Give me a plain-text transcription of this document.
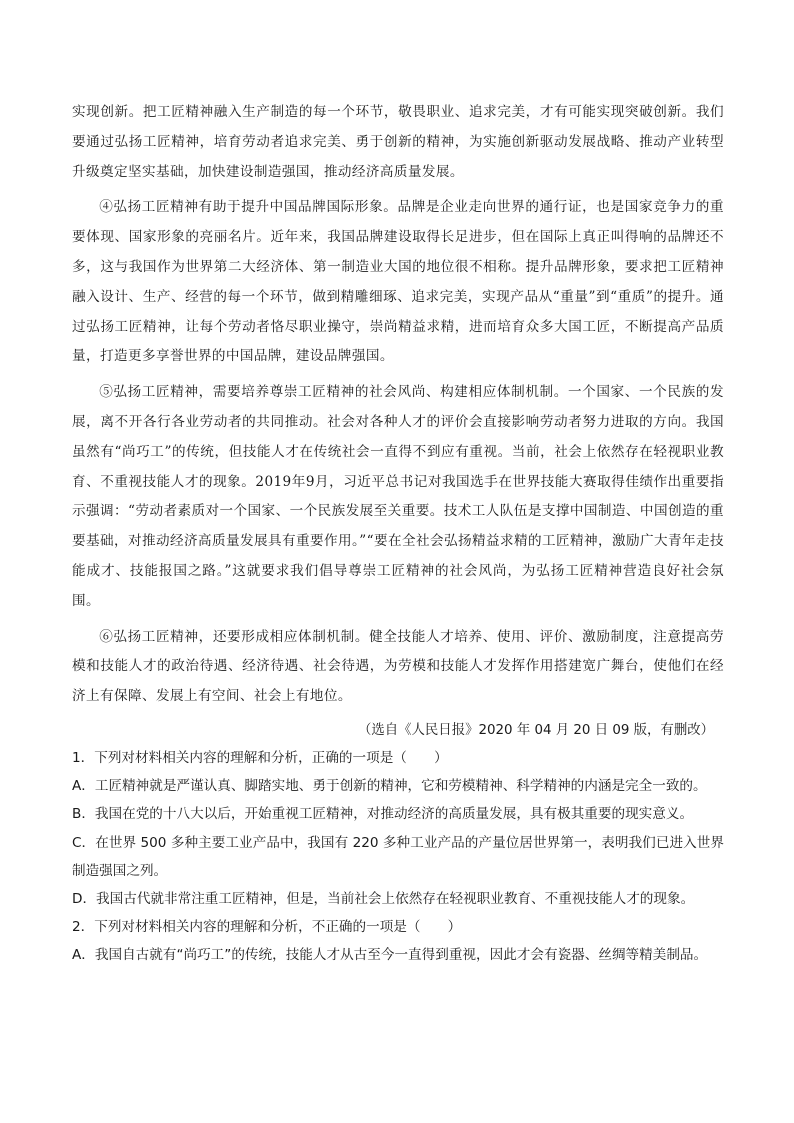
实现创新。把工匠精神融入生产制造的每一个环节，敬畏职业、追求完美，才有可能实现突破创新。我们要通过弘扬工匠精神，培育劳动者追求完美、勇于创新的精神，为实施创新驱动发展战略、推动产业转型升级奠定坚实基础，加快建设制造强国，推动经济高质量发展。

④弘扬工匠精神有助于提升中国品牌国际形象。品牌是企业走向世界的通行证，也是国家竞争力的重要体现、国家形象的亮丽名片。近年来，我国品牌建设取得长足进步，但在国际上真正叫得响的品牌还不多，这与我国作为世界第二大经济体、第一制造业大国的地位很不相称。提升品牌形象，要求把工匠精神融入设计、生产、经营的每一个环节，做到精雕细琢、追求完美，实现产品从“重量”到“重质”的提升。通过弘扬工匠精神，让每个劳动者恪尽职业操守，崇尚精益求精，进而培育众多大国工匠，不断提高产品质量，打造更多享誉世界的中国品牌，建设品牌强国。

⑤弘扬工匠精神，需要培养尊崇工匠精神的社会风尚、构建相应体制机制。一个国家、一个民族的发展，离不开各行各业劳动者的共同推动。社会对各种人才的评价会直接影响劳动者努力进取的方向。我国虽然有“尚巧工”的传统，但技能人才在传统社会一直得不到应有重视。当前，社会上依然存在轻视职业教育、不重视技能人才的现象。2019年9月，习近平总书记对我国选手在世界技能大赛取得佳绩作出重要指示强调：“劳动者素质对一个国家、一个民族发展至关重要。技术工人队伍是支撑中国制造、中国创造的重要基础，对推动经济高质量发展具有重要作用。”“要在全社会弘扬精益求精的工匠精神，激励广大青年走技能成才、技能报国之路。”这就要求我们倡导尊崇工匠精神的社会风尚，为弘扬工匠精神营造良好社会氛围。

⑥弘扬工匠精神，还要形成相应体制机制。健全技能人才培养、使用、评价、激励制度，注意提高劳模和技能人才的政治待遇、经济待遇、社会待遇，为劳模和技能人才发挥作用搭建宽广舞台，使他们在经济上有保障、发展上有空间、社会上有地位。

（选自《人民日报》2020 年 04 月 20 日 09 版，有删改）

1．下列对材料相关内容的理解和分析，正确的一项是（　　）

A．工匠精神就是严谨认真、脚踏实地、勇于创新的精神，它和劳模精神、科学精神的内涵是完全一致的。

B．我国在党的十八大以后，开始重视工匠精神，对推动经济的高质量发展，具有极其重要的现实意义。

C．在世界 500 多种主要工业产品中，我国有 220 多种工业产品的产量位居世界第一，表明我们已进入世界制造强国之列。

D．我国古代就非常注重工匠精神，但是，当前社会上依然存在轻视职业教育、不重视技能人才的现象。

2．下列对材料相关内容的理解和分析，不正确的一项是（　　）

A．我国自古就有“尚巧工”的传统，技能人才从古至今一直得到重视，因此才会有瓷器、丝绸等精美制品。
